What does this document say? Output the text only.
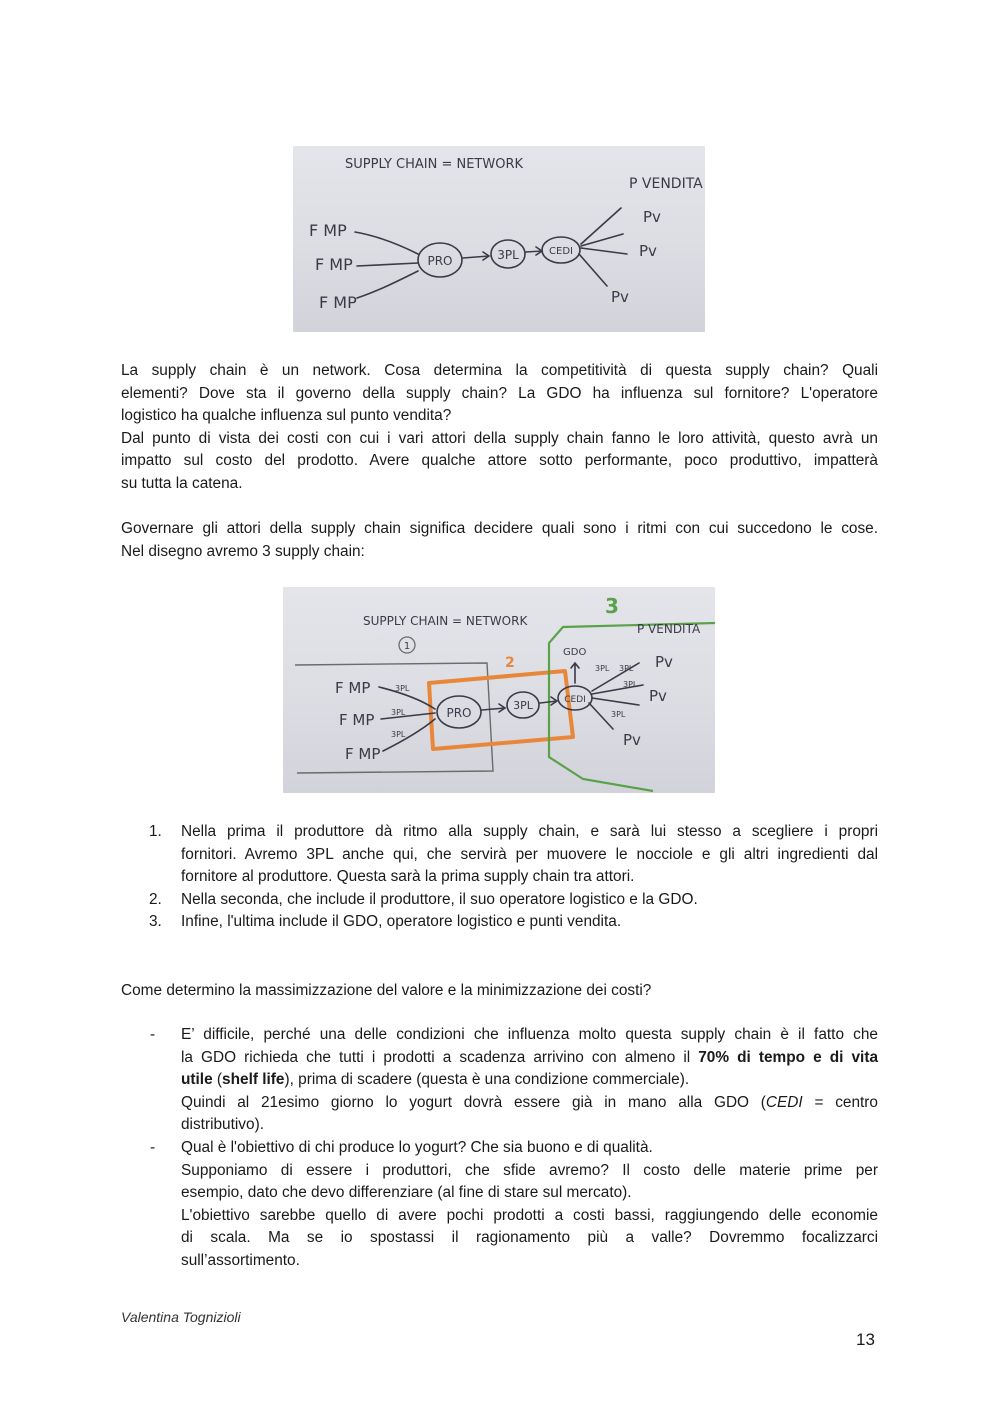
SUPPLY CHAIN = NETWORK
F MP
F MP
F MP
PRO	3PL	CEDI
P VENDITA
Pv
Pv
Pv

La supply chain è un network. Cosa determina la competitività di questa supply chain? Quali
elementi? Dove sta il governo della supply chain? La GDO ha influenza sul fornitore? L'operatore
logistico ha qualche influenza sul punto vendita?
Dal punto di vista dei costi con cui i vari attori della supply chain fanno le loro attività, questo avrà un
impatto sul costo del prodotto. Avere qualche attore sotto performante, poco produttivo, impatterà
su tutta la catena.

Governare gli attori della supply chain significa decidere quali sono i ritmi con cui succedono le cose.
Nel disegno avremo 3 supply chain:

SUPPLY CHAIN = NETWORK
1
2
3
F MP
F MP
F MP
3PL
3PL
3PL
PRO
3PL	CEDI
GDO
3PL 3PL
3PL
3PL
P VENDITA
Pv
Pv
Pv
1. Nella prima il produttore dà ritmo alla supply chain, e sarà lui stesso a scegliere i propri
fornitori. Avremo 3PL anche qui, che servirà per muovere le nocciole e gli altri ingredienti dal
fornitore al produttore. Questa sarà la prima supply chain tra attori.
2. Nella seconda, che include il produttore, il suo operatore logistico e la GDO.
3. Infine, l'ultima include il GDO, operatore logistico e punti vendita.

Come determino la massimizzazione del valore e la minimizzazione dei costi?

- E’ difficile, perché una delle condizioni che influenza molto questa supply chain è il fatto che
la GDO richieda che tutti i prodotti a scadenza arrivino con almeno il 70% di tempo e di vita
utile (shelf life), prima di scadere (questa è una condizione commerciale).
Quindi al 21esimo giorno lo yogurt dovrà essere già in mano alla GDO (CEDI = centro
distributivo).
- Qual è l'obiettivo di chi produce lo yogurt? Che sia buono e di qualità.
Supponiamo di essere i produttori, che sfide avremo? Il costo delle materie prime per
esempio, dato che devo differenziare (al fine di stare sul mercato).
L'obiettivo sarebbe quello di avere pochi prodotti a costi bassi, raggiungendo delle economie
di scala. Ma se io spostassi il ragionamento più a valle? Dovremmo focalizzarci
sull’assortimento.
Valentina Tognizioli
13
